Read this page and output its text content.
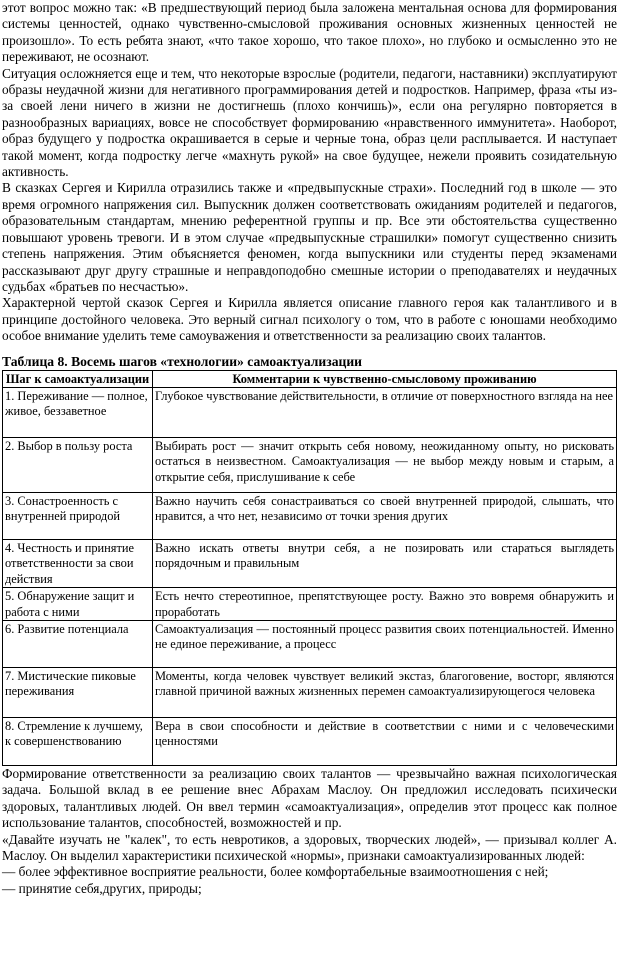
этот вопрос можно так: «В предшествующий период была заложена ментальная основа для формирования системы ценностей, однако чувственно-смысловой проживания основных жизненных ценностей не произошло». То есть ребята знают, «что такое хорошо, что такое плохо», но глубоко и осмысленно это не переживают, не осознают.

Ситуация осложняется еще и тем, что некоторые взрослые (родители, педагоги, наставники) эксплуатируют образы неудачной жизни для негативного программирования детей и подростков. Например, фраза «ты из-за своей лени ничего в жизни не достигнешь (плохо кончишь)», если она регулярно повторяется в разнообразных вариациях, вовсе не способствует формированию «нравственного иммунитета». Наоборот, образ будущего у подростка окрашивается в серые и черные тона, образ цели расплывается. И наступает такой момент, когда подростку легче «махнуть рукой» на свое будущее, нежели проявить созидательную активность.

В сказках Сергея и Кирилла отразились также и «предвыпускные страхи». Последний год в школе — это время огромного напряжения сил. Выпускник должен соответствовать ожиданиям родителей и педагогов, образовательным стандартам, мнению референтной группы и пр. Все эти обстоятельства существенно повышают уровень тревоги. И в этом случае «предвыпускные страшилки» помогут существенно снизить степень напряжения. Этим объясняется феномен, когда выпускники или студенты перед экзаменами рассказывают друг другу страшные и неправдоподобно смешные истории о преподавателях и неудачных судьбах «братьев по несчастью».

Характерной чертой сказок Сергея и Кирилла является описание главного героя как талантливого и в принципе достойного человека. Это верный сигнал психологу о том, что в работе с юношами необходимо особое внимание уделить теме самоуважения и ответственности за реализацию своих талантов.

Таблица 8. Восемь шагов «технологии» самоактуализации
Шаг к самоактуализации	Комментарии к чувственно-смысловому проживанию
1. Переживание — полное, живое, беззаветное	Глубокое чувствование действительности, в отличие от поверхностного взгляда на нее
2. Выбор в пользу роста	Выбирать рост — значит открыть себя новому, неожиданному опыту, но рисковать остаться в неизвестном. Самоактуализация — не выбор между новым и старым, а открытие себя, прислушивание к себе
3. Сонастроенность с внутренней природой	Важно научить себя сонастраиваться со своей внутренней природой, слышать, что нравится, а что нет, независимо от точки зрения других
4. Честность и принятие ответственности за свои действия	Важно искать ответы внутри себя, а не позировать или стараться выглядеть порядочным и правильным
5. Обнаружение защит и работа с ними	Есть нечто стереотипное, препятствующее росту. Важно это вовремя обнаружить и проработать
6. Развитие потенциала	Самоактуализация — постоянный процесс развития своих потенциальностей. Именно не единое переживание, а процесс
7. Мистические пиковые переживания	Моменты, когда человек чувствует великий экстаз, благоговение, восторг, являются главной причиной важных жизненных перемен самоактуализирующегося человека
8. Стремление к лучшему, к совершенствованию	Вера в свои способности и действие в соответствии с ними и с человеческими ценностями

Формирование ответственности за реализацию своих талантов — чрезвычайно важная психологическая задача. Большой вклад в ее решение внес Абрахам Маслоу. Он предложил исследовать психически здоровых, талантливых людей. Он ввел термин «самоактуализация», определив этот процесс как полное использование талантов, способностей, возможностей и пр.

«Давайте изучать не "калек", то есть невротиков, а здоровых, творческих людей», — призывал коллег А. Маслоу. Он выделил характеристики психической «нормы», признаки самоактуализированных людей:

— более эффективное восприятие реальности, более комфортабельные взаимоотношения с ней;

— принятие себя,других, природы;
